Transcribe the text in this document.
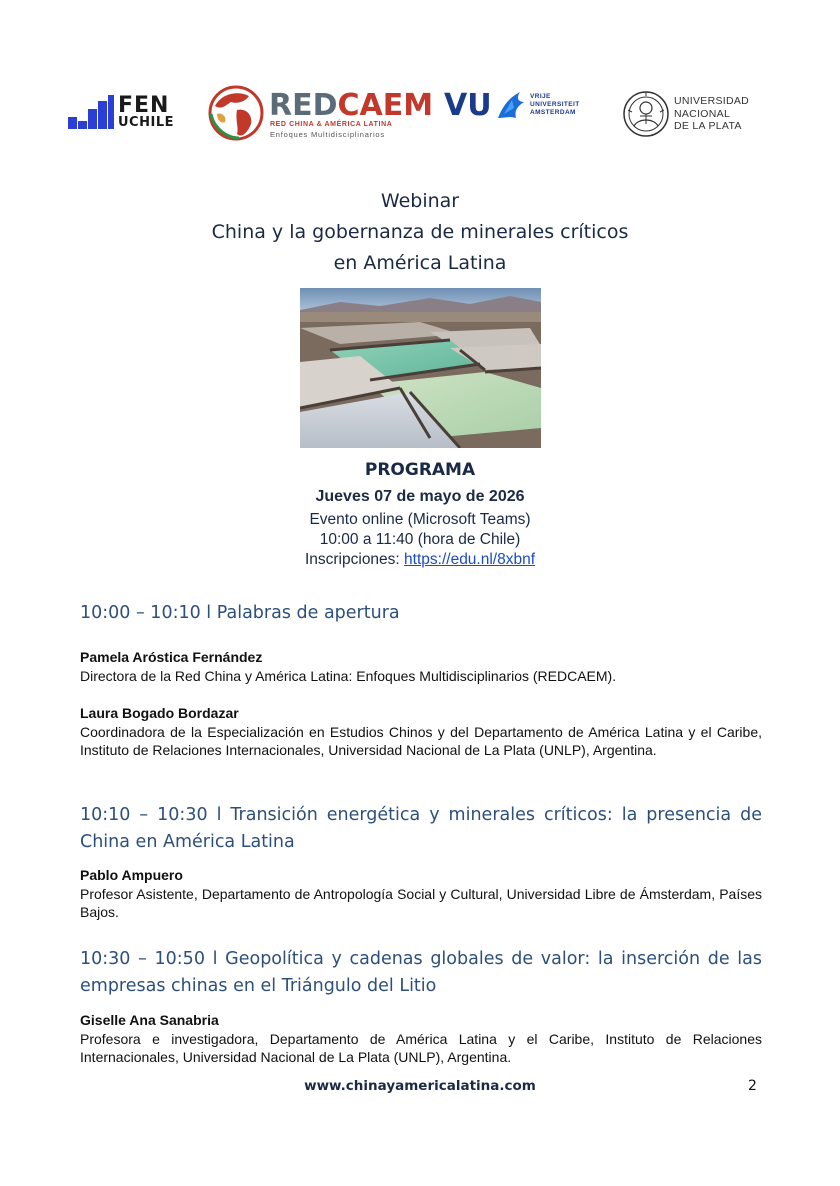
FEN
UCHILE	REDCAEM
RED CHINA & AMÉRICA LATINA
Enfoques Multidisciplinarios
VU	VRIJE
UNIVERSITEIT
AMSTERDAM
UNIVERSIDAD
NACIONAL
DE LA PLATA
Webinar
China y la gobernanza de minerales críticos
en América Latina
PROGRAMA
Jueves 07 de mayo de 2026
Evento online (Microsoft Teams)
10:00 a 11:40 (hora de Chile)
Inscripciones: https://edu.nl/8xbnf
10:00 – 10:10 l Palabras de apertura
Pamela Aróstica Fernández
Directora de la Red China y América Latina: Enfoques Multidisciplinarios (REDCAEM).
Laura Bogado Bordazar
Coordinadora de la Especialización en Estudios Chinos y del Departamento de América Latina y el Caribe, Instituto de Relaciones Internacionales, Universidad Nacional de La Plata (UNLP), Argentina.
10:10 – 10:30 l Transición energética y minerales críticos: la presencia de China en América Latina
Pablo Ampuero
Profesor Asistente, Departamento de Antropología Social y Cultural, Universidad Libre de Ámsterdam, Países Bajos.
10:30 – 10:50 l Geopolítica y cadenas globales de valor: la inserción de las empresas chinas en el Triángulo del Litio
Giselle Ana Sanabria
Profesora e investigadora, Departamento de América Latina y el Caribe, Instituto de Relaciones Internacionales, Universidad Nacional de La Plata (UNLP), Argentina.
www.chinayamericalatina.com	2
